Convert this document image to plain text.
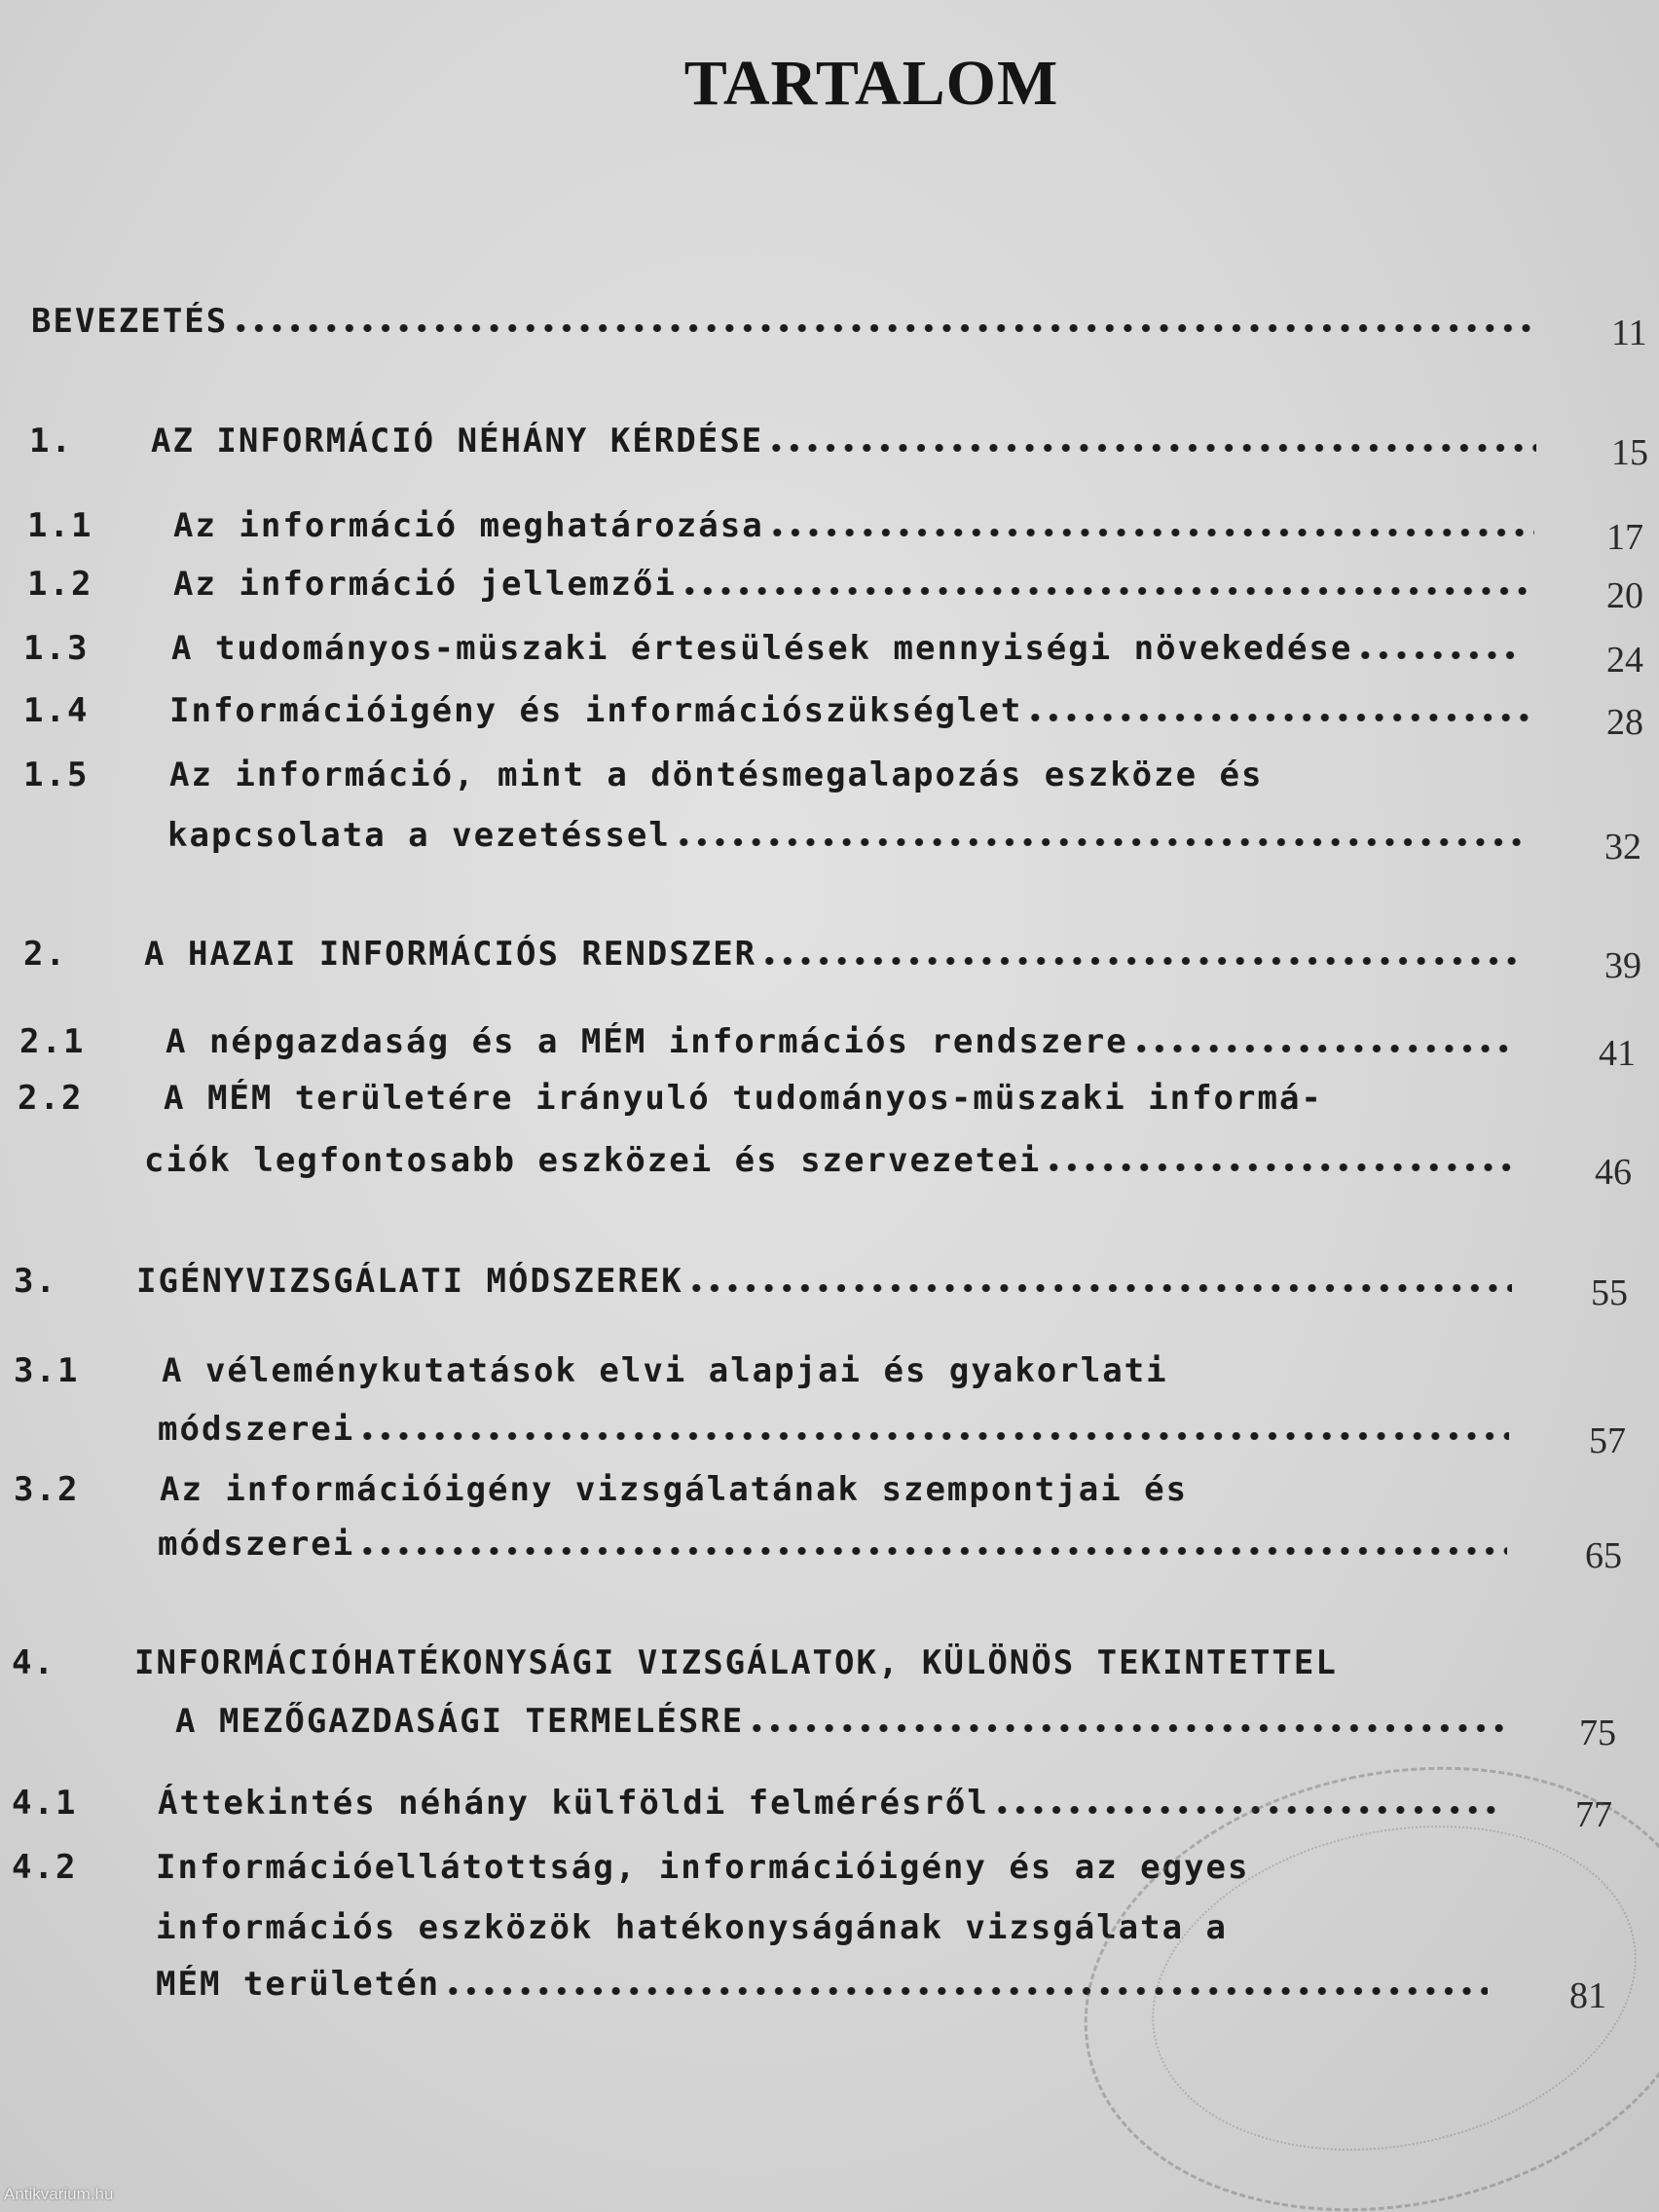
TARTALOM
BEVEZETÉS	11
1. AZ INFORMÁCIÓ NÉHÁNY KÉRDÉSE	15
1.1 Az információ meghatározása	17
1.2 Az információ jellemzői	20
1.3 A tudományos-müszaki értesülések mennyiségi növekedése	24
1.4 Információigény és információszükséglet	28
1.5 Az információ, mint a döntésmegalapozás eszköze és
kapcsolata a vezetéssel	32
2. A HAZAI INFORMÁCIÓS RENDSZER	39
2.1 A népgazdaság és a MÉM információs rendszere	41
2.2 A MÉM területére irányuló tudományos-müszaki informá-
ciók legfontosabb eszközei és szervezetei	46
3. IGÉNYVIZSGÁLATI MÓDSZEREK	55
3.1 A véleménykutatások elvi alapjai és gyakorlati
módszerei	57
3.2 Az információigény vizsgálatának szempontjai és
módszerei	65
4. INFORMÁCIÓHATÉKONYSÁGI VIZSGÁLATOK, KÜLÖNÖS TEKINTETTEL
A MEZŐGAZDASÁGI TERMELÉSRE	75
4.1 Áttekintés néhány külföldi felmérésről	77
4.2 Információellátottság, információigény és az egyes
információs eszközök hatékonyságának vizsgálata a
MÉM területén	81
Antikvarium.hu
